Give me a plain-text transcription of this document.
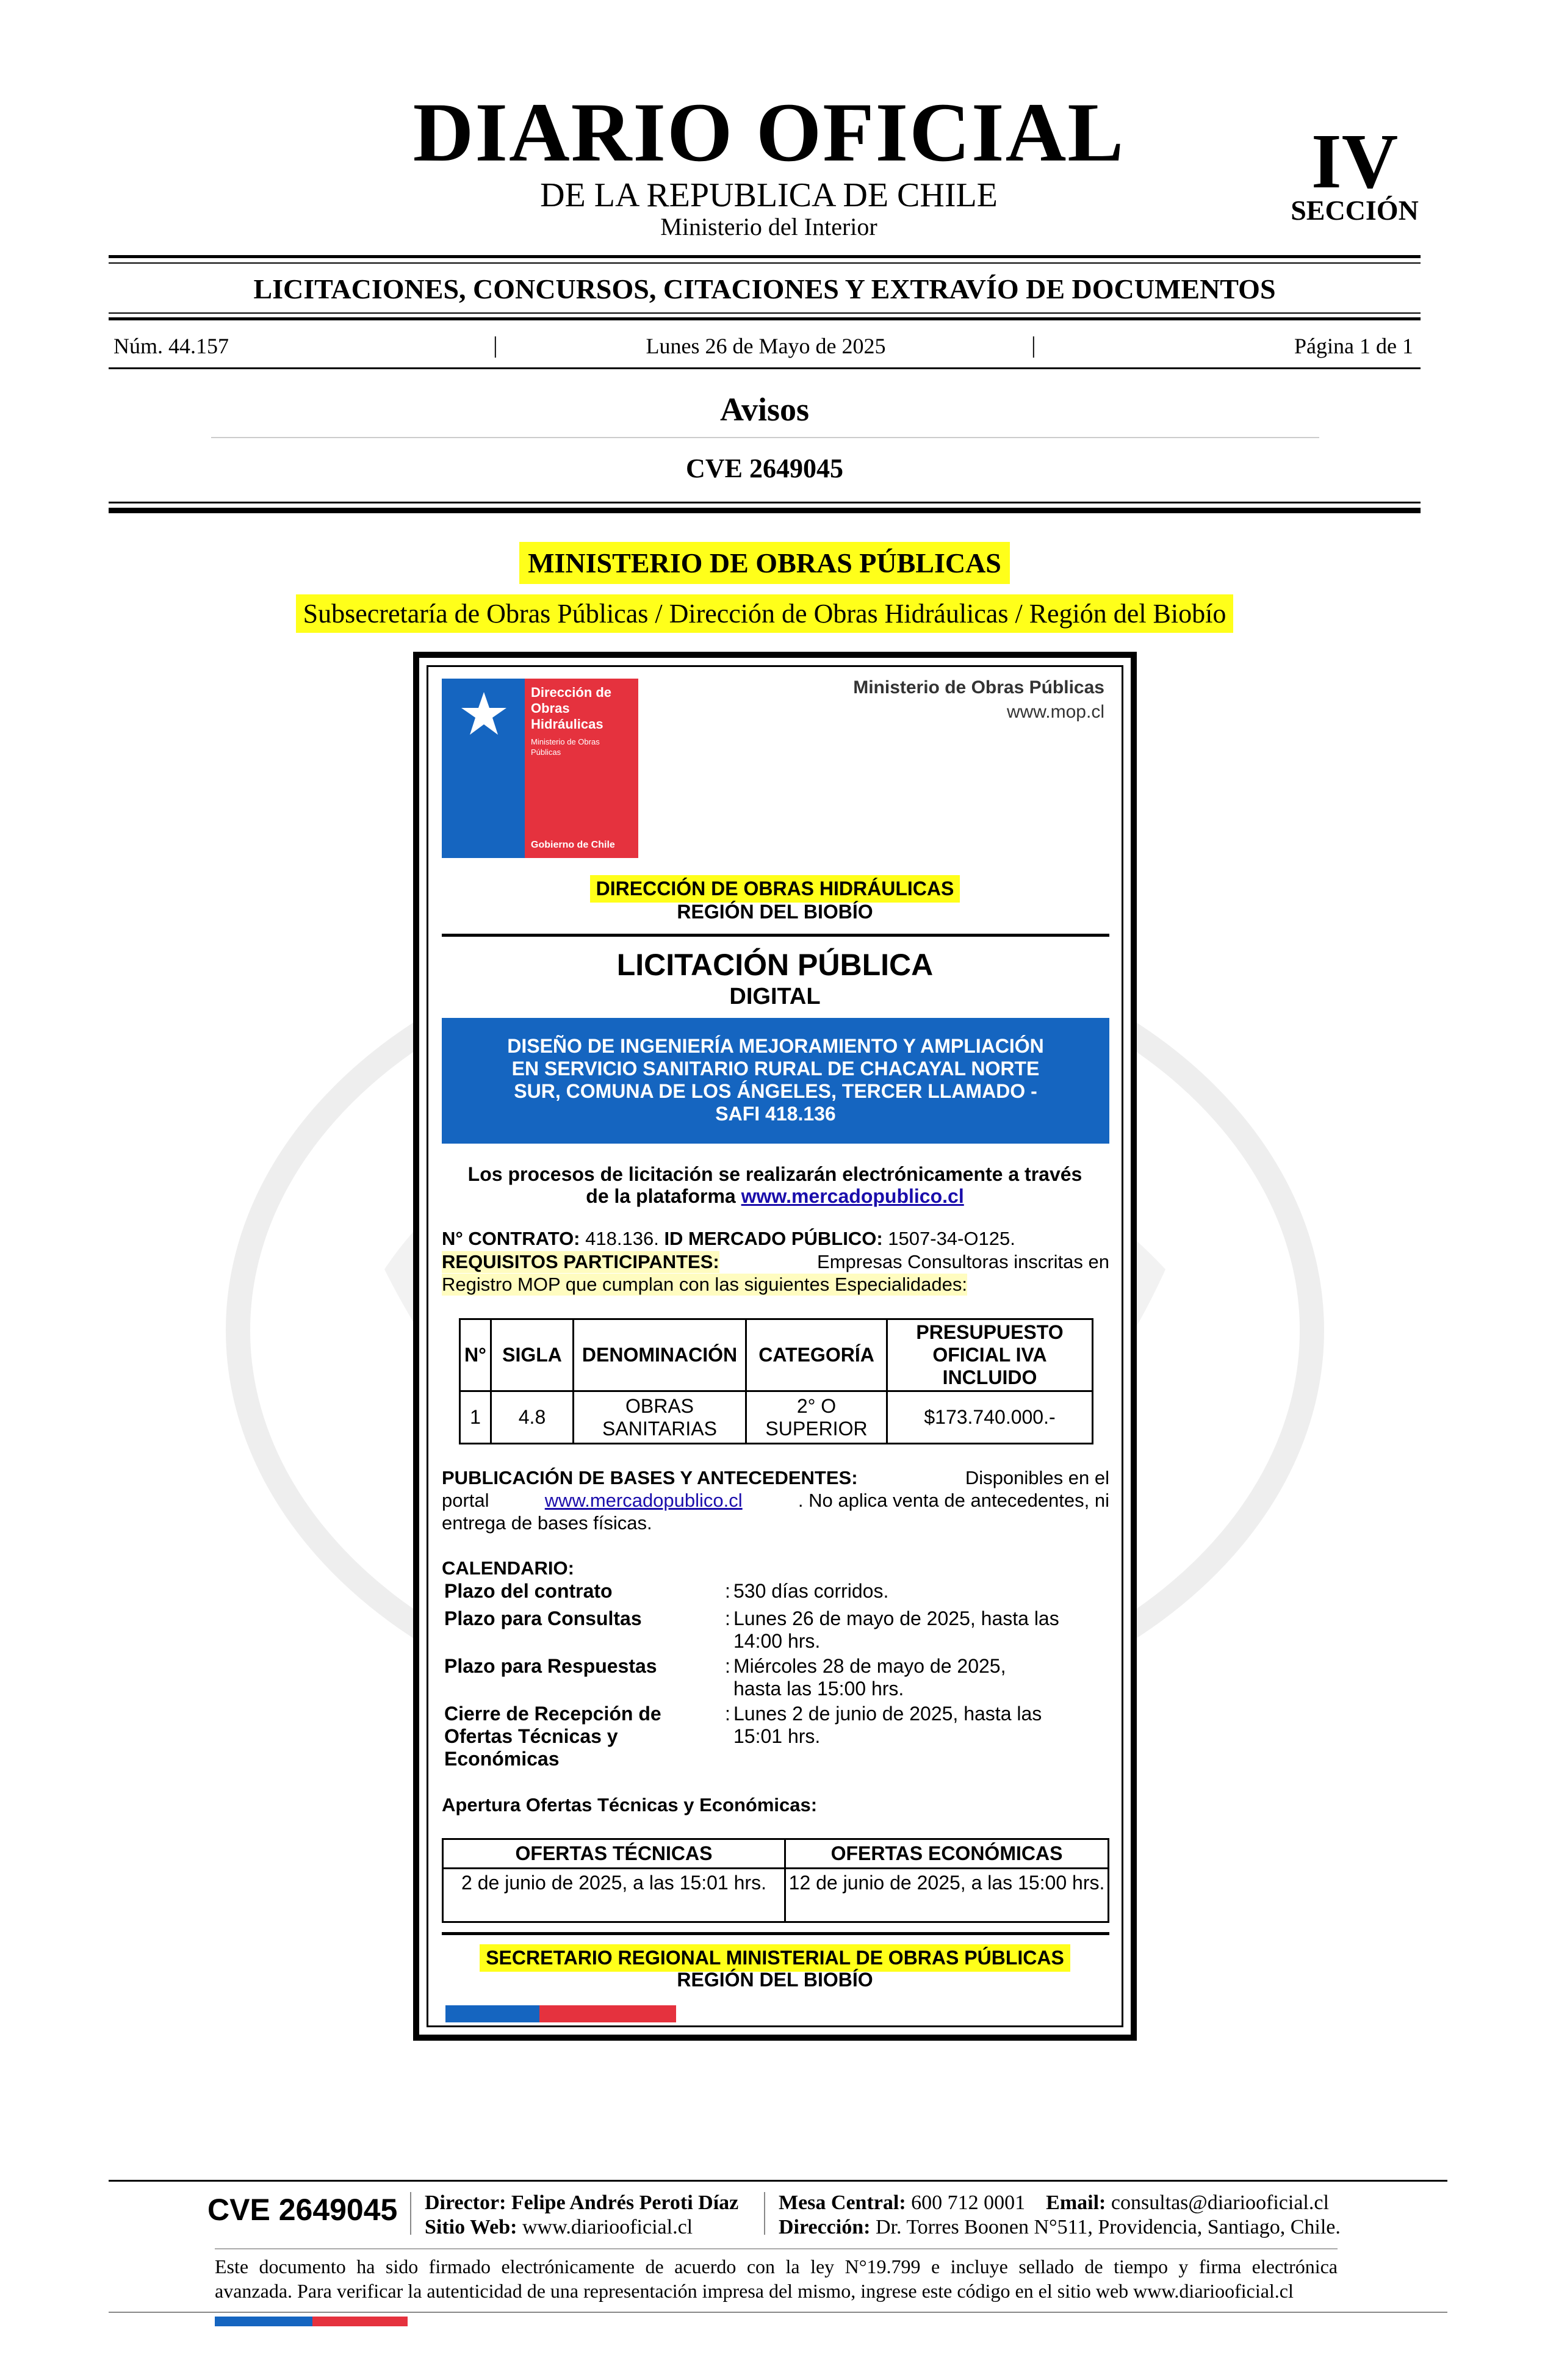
DIARIO OFICIAL
DE LA REPUBLICA DE CHILE
Ministerio del Interior
IV
SECCIÓN
LICITACIONES, CONCURSOS, CITACIONES Y EXTRAVÍO DE DOCUMENTOS
Núm. 44.157	|	Lunes 26 de Mayo de 2025	|	Página 1 de 1
Avisos
CVE 2649045
MINISTERIO DE OBRAS PÚBLICAS
Subsecretaría de Obras Públicas / Dirección de Obras Hidráulicas / Región del Biobío
Dirección de
Obras
Hidráulicas
Ministerio de Obras Públicas
Gobierno de Chile
Ministerio de Obras Públicas
www.mop.cl
DIRECCIÓN DE OBRAS HIDRÁULICAS
REGIÓN DEL BIOBÍO
LICITACIÓN PÚBLICA
DIGITAL
DISEÑO DE INGENIERÍA MEJORAMIENTO Y AMPLIACIÓN
EN SERVICIO SANITARIO RURAL DE CHACAYAL NORTE
SUR, COMUNA DE LOS ÁNGELES, TERCER LLAMADO -
SAFI 418.136
Los procesos de licitación se realizarán electrónicamente a través
de la plataforma www.mercadopublico.cl
N° CONTRATO: 418.136. ID MERCADO PÚBLICO: 1507-34-O125.
REQUISITOS PARTICIPANTES:	Empresas Consultoras inscritas en
Registro MOP que cumplan con las siguientes Especialidades:
N°	SIGLA	DENOMINACIÓN	CATEGORÍA	PRESUPUESTO OFICIAL IVA INCLUIDO
1	4.8	OBRAS SANITARIAS	2° O SUPERIOR	$173.740.000.-
PUBLICACIÓN DE BASES Y ANTECEDENTES:	Disponibles en el
portal	www.mercadopublico.cl	. No aplica venta de antecedentes, ni
entrega de bases físicas.
CALENDARIO:
Plazo del contrato	: 530 días corridos.
Plazo para Consultas	: Lunes 26 de mayo de 2025, hasta las 14:00 hrs.
Plazo para Respuestas	: Miércoles 28 de mayo de 2025, hasta las 15:00 hrs.
Cierre de Recepción de Ofertas Técnicas y Económicas
: Lunes 2 de junio de 2025, hasta las 15:01 hrs.
Apertura Ofertas Técnicas y Económicas:
OFERTAS TÉCNICAS	OFERTAS ECONÓMICAS
2 de junio de 2025, a las 15:01 hrs.	12 de junio de 2025, a las 15:00 hrs.
SECRETARIO REGIONAL MINISTERIAL DE OBRAS PÚBLICAS
REGIÓN DEL BIOBÍO
CVE 2649045 Director: Felipe Andrés Peroti Díaz
Sitio Web: www.diariooficial.cl
Mesa Central: 600 712 0001 Email: consultas@diariooficial.cl
Dirección: Dr. Torres Boonen N°511, Providencia, Santiago, Chile.
Este documento ha sido firmado electrónicamente de acuerdo con la ley N°19.799 e incluye sellado de tiempo y firma electrónica
avanzada. Para verificar la autenticidad de una representación impresa del mismo, ingrese este código en el sitio web www.diariooficial.cl
